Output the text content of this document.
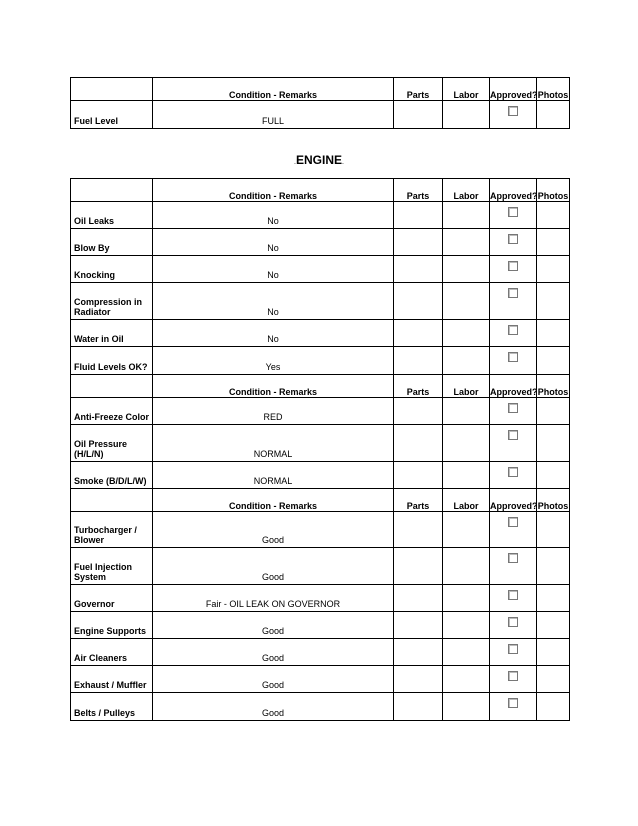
	Condition - Remarks	Parts	Labor	Approved?	Photos
Fuel Level	FULL				
.ENGINE.
	Condition - Remarks	Parts	Labor	Approved?	Photos
Oil Leaks	No				
Blow By	No				
Knocking	No				
Compression in Radiator	No				
Water in Oil	No				
Fluid Levels OK?	Yes				
	Condition - Remarks	Parts	Labor	Approved?	Photos
Anti-Freeze Color	RED				
Oil Pressure (H/L/N)	NORMAL				
Smoke (B/D/L/W)	NORMAL				
	Condition - Remarks	Parts	Labor	Approved?	Photos
Turbocharger / Blower	Good				
Fuel Injection System	Good				
Governor	Fair - OIL LEAK ON GOVERNOR				
Engine Supports	Good				
Air Cleaners	Good				
Exhaust / Muffler	Good				
Belts / Pulleys	Good				
